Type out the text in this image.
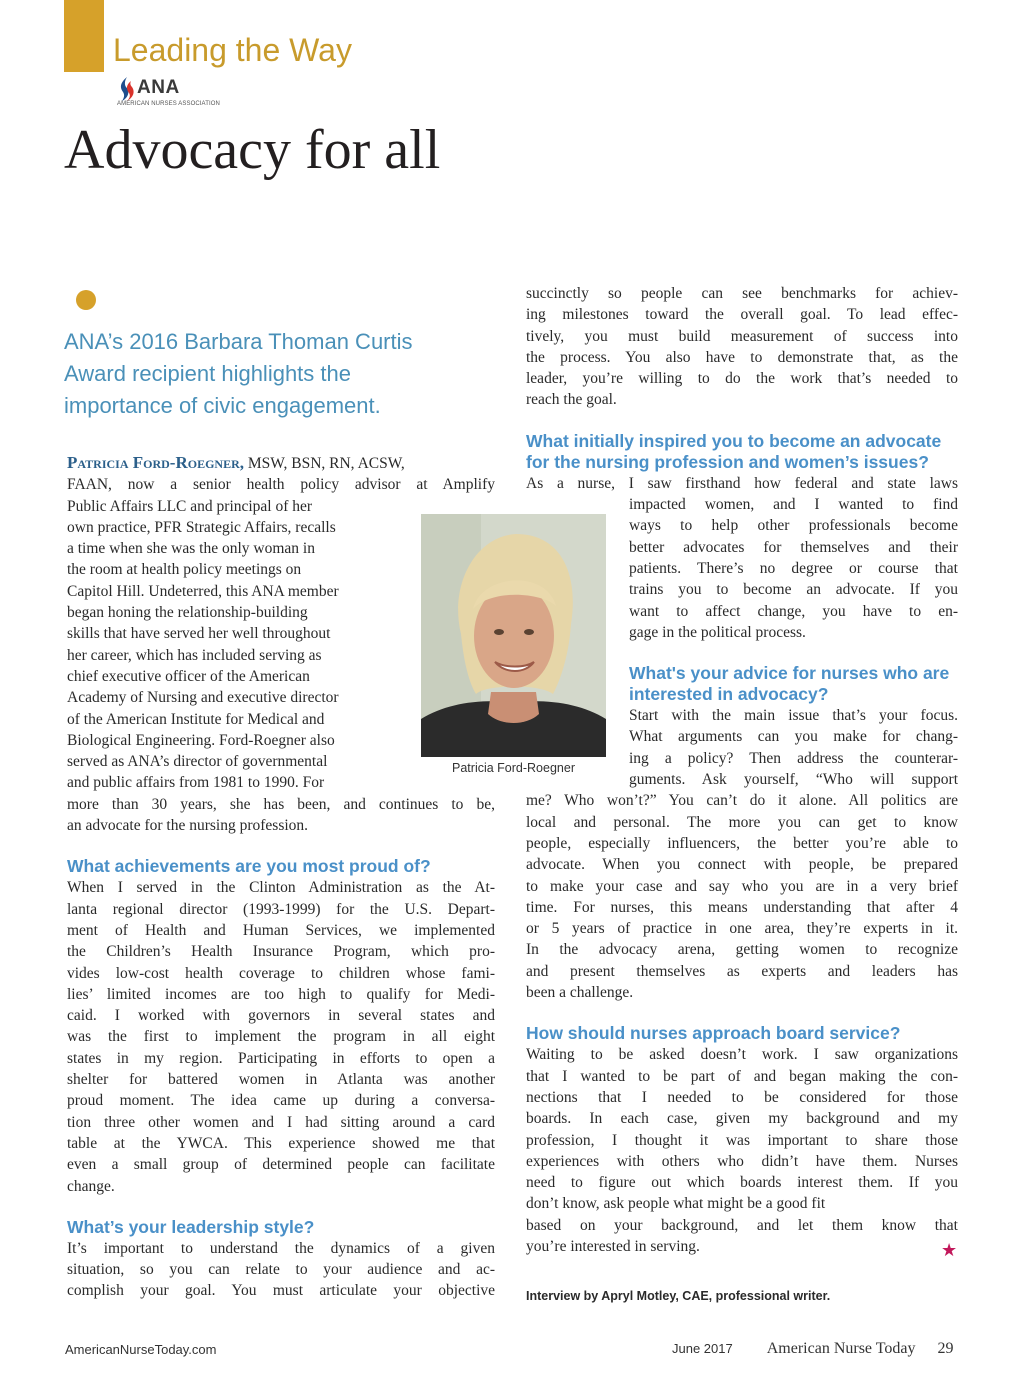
Leading the Way
ANA
AMERICAN NURSES ASSOCIATION
Advocacy for all
ANA’s 2016 Barbara Thoman Curtis
Award recipient highlights the
importance of civic engagement.
Patricia Ford-Roegner, MSW, BSN, RN, ACSW,
FAAN, now a senior health policy advisor at Amplify
Public Affairs LLC and principal of her
own practice, PFR Strategic Affairs, recalls
a time when she was the only woman in
the room at health policy meetings on
Capitol Hill. Undeterred, this ANA member
began honing the relationship-building
skills that have served her well throughout
her career, which has included serving as
chief executive officer of the American
Academy of Nursing and executive director
of the American Institute for Medical and
Biological Engineering. Ford-Roegner also
served as ANA’s director of governmental
and public affairs from 1981 to 1990. For
more than 30 years, she has been, and continues to be,
an advocate for the nursing profession.
What achievements are you most proud of?
When I served in the Clinton Administration as the At-
lanta regional director (1993-1999) for the U.S. Depart-
ment of Health and Human Services, we implemented
the Children’s Health Insurance Program, which pro-
vides low-cost health coverage to children whose fami-
lies’ limited incomes are too high to qualify for Medi-
caid. I worked with governors in several states and
was the first to implement the program in all eight
states in my region. Participating in efforts to open a
shelter for battered women in Atlanta was another
proud moment. The idea came up during a conversa-
tion three other women and I had sitting around a card
table at the YWCA. This experience showed me that
even a small group of determined people can facilitate
change.
What’s your leadership style?
It’s important to understand the dynamics of a given
situation, so you can relate to your audience and ac-
complish your goal. You must articulate your objective
Patricia Ford-Roegner
succinctly so people can see benchmarks for achiev-
ing milestones toward the overall goal. To lead effec-
tively, you must build measurement of success into
the process. You also have to demonstrate that, as the
leader, you’re willing to do the work that’s needed to
reach the goal.
What initially inspired you to become an advocate
for the nursing profession and women’s issues?
As a nurse, I saw firsthand how federal and state laws
impacted women, and I wanted to find
ways to help other professionals become
better advocates for themselves and their
patients. There’s no degree or course that
trains you to become an advocate. If you
want to affect change, you have to en-
gage in the political process.
What's your advice for nurses who are
interested in advocacy?
Start with the main issue that’s your focus.
What arguments can you make for chang-
ing a policy? Then address the counterar-
guments. Ask yourself, “Who will support
me? Who won’t?” You can’t do it alone. All politics are
local and personal. The more you can get to know
people, especially influencers, the better you’re able to
advocate. When you connect with people, be prepared
to make your case and say who you are in a very brief
time. For nurses, this means understanding that after 4
or 5 years of practice in one area, they’re experts in it.
In the advocacy arena, getting women to recognize
and present themselves as experts and leaders has
been a challenge.
How should nurses approach board service?
Waiting to be asked doesn’t work. I saw organizations
that I wanted to be part of and began making the con-
nections that I needed to be considered for those
boards. In each case, given my background and my
profession, I thought it was important to share those
experiences with others who didn’t have them. Nurses
need to figure out which boards interest them. If you
don’t know, ask people what might be a good fit
based on your background, and let them know that
you’re interested in serving.	★
Interview by Apryl Motley, CAE, professional writer.
AmericanNurseToday.com	June 2017 American Nurse Today 29
